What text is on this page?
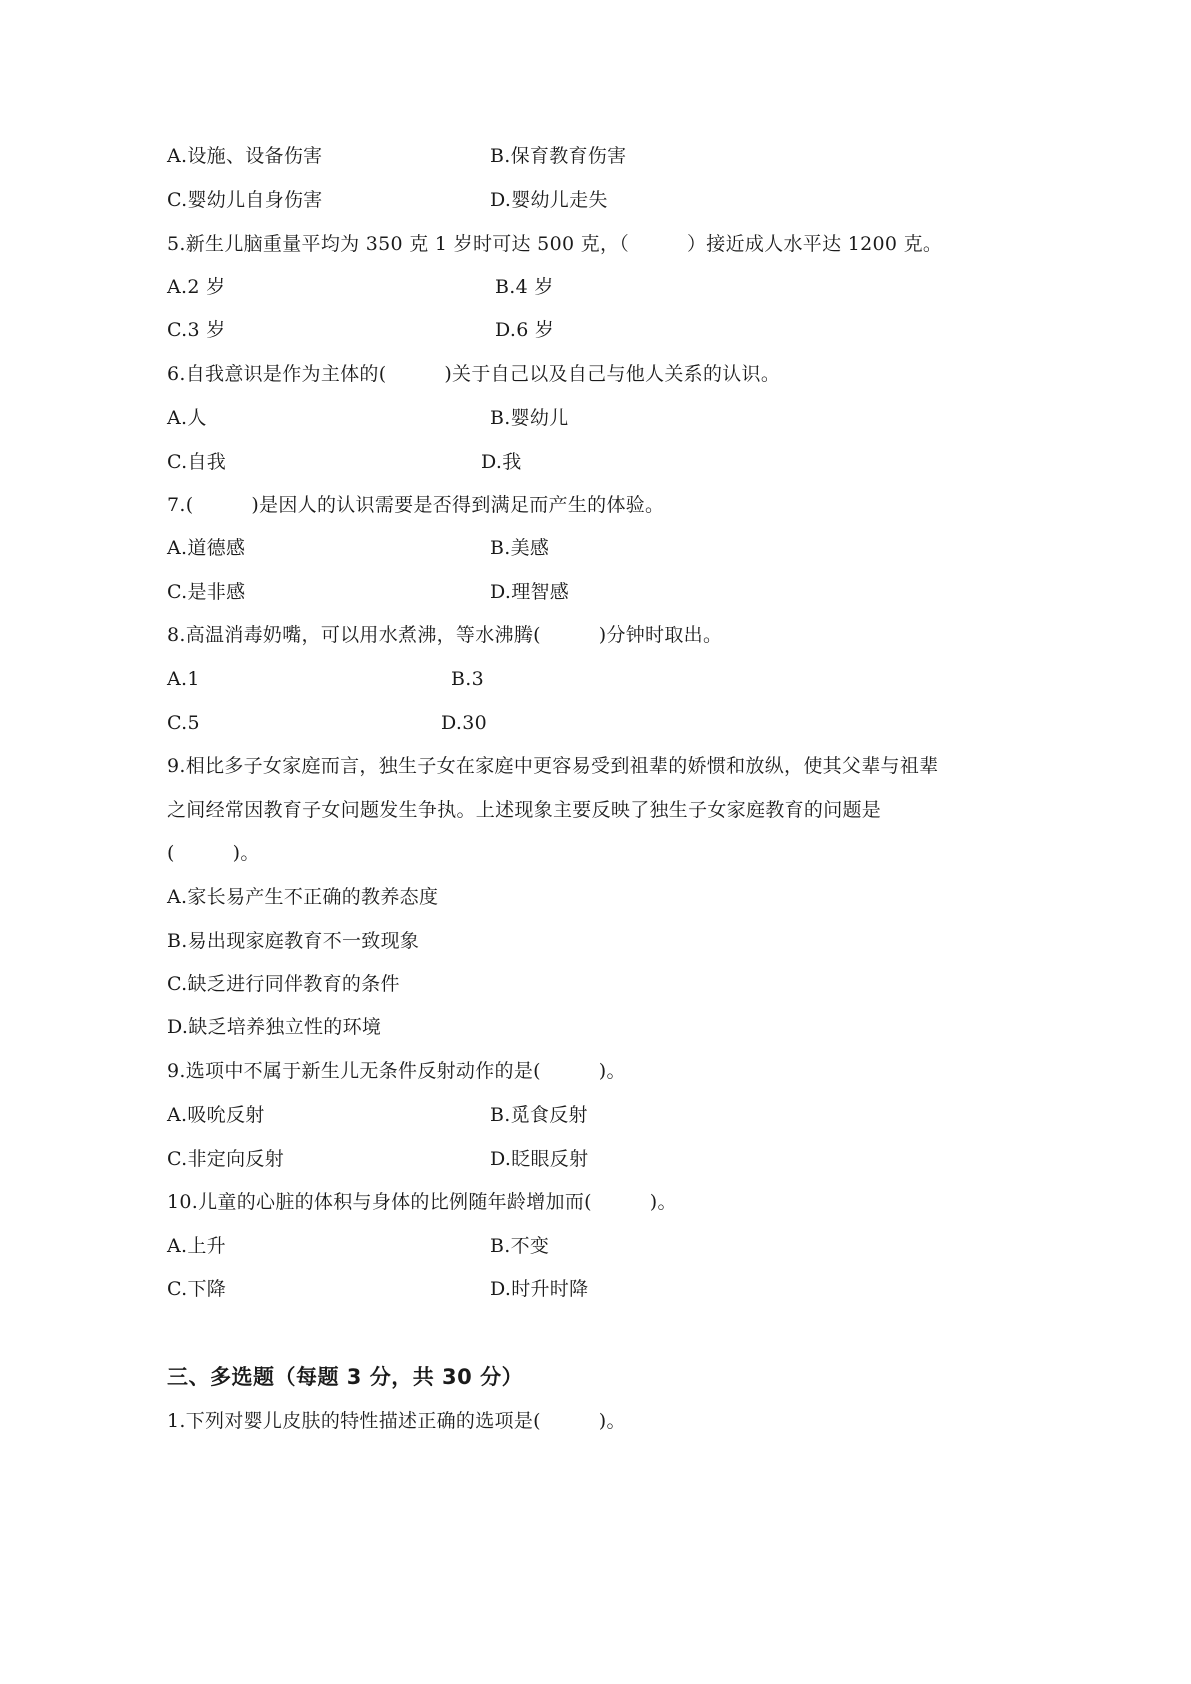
A.设施、设备伤害	B.保育教育伤害
C.婴幼儿自身伤害	D.婴幼儿走失
5.新生儿脑重量平均为 350 克 1 岁时可达 500 克，（　　　）接近成人水平达 1200 克。
A.2 岁	B.4 岁
C.3 岁	D.6 岁
6.自我意识是作为主体的(　　　)关于自己以及自己与他人关系的认识。
A.人	B.婴幼儿
C.自我	D.我
7.(　　　)是因人的认识需要是否得到满足而产生的体验。
A.道德感	B.美感
C.是非感	D.理智感
8.高温消毒奶嘴，可以用水煮沸，等水沸腾(　　　)分钟时取出。
A.1	B.3
C.5	D.30
9.相比多子女家庭而言，独生子女在家庭中更容易受到祖辈的娇惯和放纵，使其父辈与祖辈
之间经常因教育子女问题发生争执。上述现象主要反映了独生子女家庭教育的问题是
(　　　)。
A.家长易产生不正确的教养态度
B.易出现家庭教育不一致现象
C.缺乏进行同伴教育的条件
D.缺乏培养独立性的环境
9.选项中不属于新生儿无条件反射动作的是(　　　)。
A.吸吮反射	B.觅食反射
C.非定向反射	D.眨眼反射
10.儿童的心脏的体积与身体的比例随年龄增加而(　　　)。
A.上升	B.不变
C.下降	D.时升时降
三、多选题（每题 3 分，共 30 分）
1.下列对婴儿皮肤的特性描述正确的选项是(　　　)。
